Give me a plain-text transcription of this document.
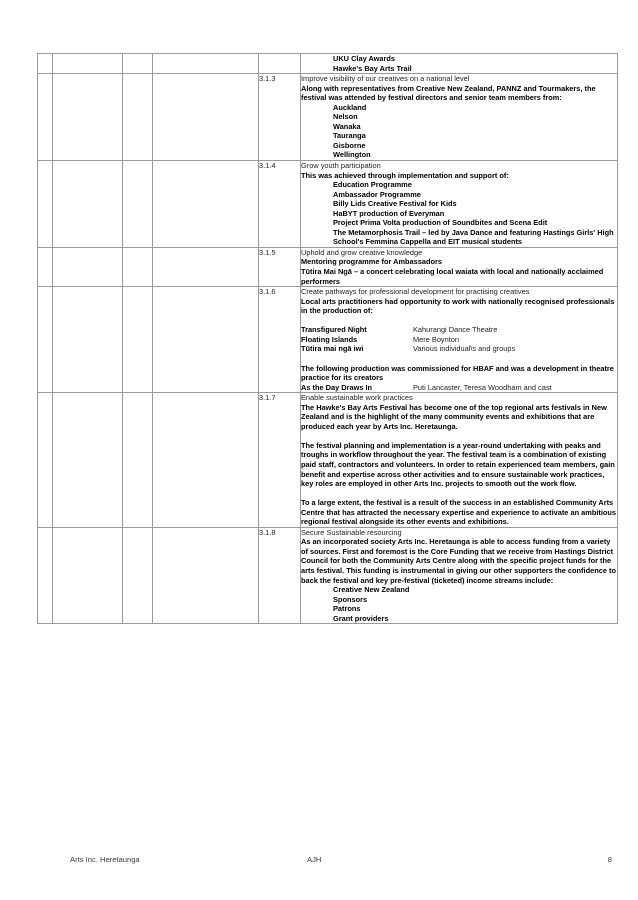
					UKU Clay Awards
Hawke's Bay Arts Trail

				3.1.3	Improve visibility of our creatives on a national level
Along with representatives from Creative New Zealand, PANNZ and Tourmakers, the festival was attended by festival directors and senior team members from:
Auckland
Nelson
Wanaka
Tauranga
Gisborne
Wellington

				3.1.4	Grow youth participation
This was achieved through implementation and support of:
Education Programme
Ambassador Programme
Billy Lids Creative Festival for Kids
HaBYT production of Everyman
Project Prima Volta production of Soundbites and Scena Edit
The Metamorphosis Trail – led by Java Dance and featuring Hastings Girls' High School's Femmina Cappella and EIT musical students

				3.1.5	Uphold and grow creative knowledge
Mentoring programme for Ambassadors
Tūtira Mai Ngā – a concert celebrating local waiata with local and nationally acclaimed performers

				3.1.6	Create pathways for professional development for practising creatives
Local arts practitioners had opportunity to work with nationally recognised professionals in the production of:
Transfigured Night	Kahurangi Dance Theatre
Floating Islands	Mere Boynton
Tūtira mai ngā iwi	Various individual\s and groups
The following production was commissioned for HBAF and was a development in theatre practice for its creators
As the Day Draws In	Puti Lancaster, Teresa Woodham and cast

				3.1.7	Enable sustainable work practices
The Hawke's Bay Arts Festival has become one of the top regional arts festivals in New Zealand and is the highlight of the many community events and exhibitions that are produced each year by Arts Inc. Heretaunga.
The festival planning and implementation is a year-round undertaking with peaks and troughs in workflow throughout the year. The festival team is a combination of existing paid staff, contractors and volunteers. In order to retain experienced team members, gain benefit and expertise across other activities and to ensure sustainable work practices, key roles are employed in other Arts Inc. projects to smooth out the work flow.
To a large extent, the festival is a result of the success in an established Community Arts Centre that has attracted the necessary expertise and experience to activate an ambitious regional festival alongside its other events and exhibitions.

				3.1.8	Secure Sustainable resourcing
As an incorporated society Arts Inc. Heretaunga is able to access funding from a variety of sources. First and foremost is the Core Funding that we receive from Hastings District Council for both the Community Arts Centre along with the specific project funds for the arts festival. This funding is instrumental in giving our other supporters the confidence to back the festival and key pre-festival (ticketed) income streams include:
Creative New Zealand
Sponsors
Patrons
Grant providers
Arts Inc. Heretaunga	AJH	8
